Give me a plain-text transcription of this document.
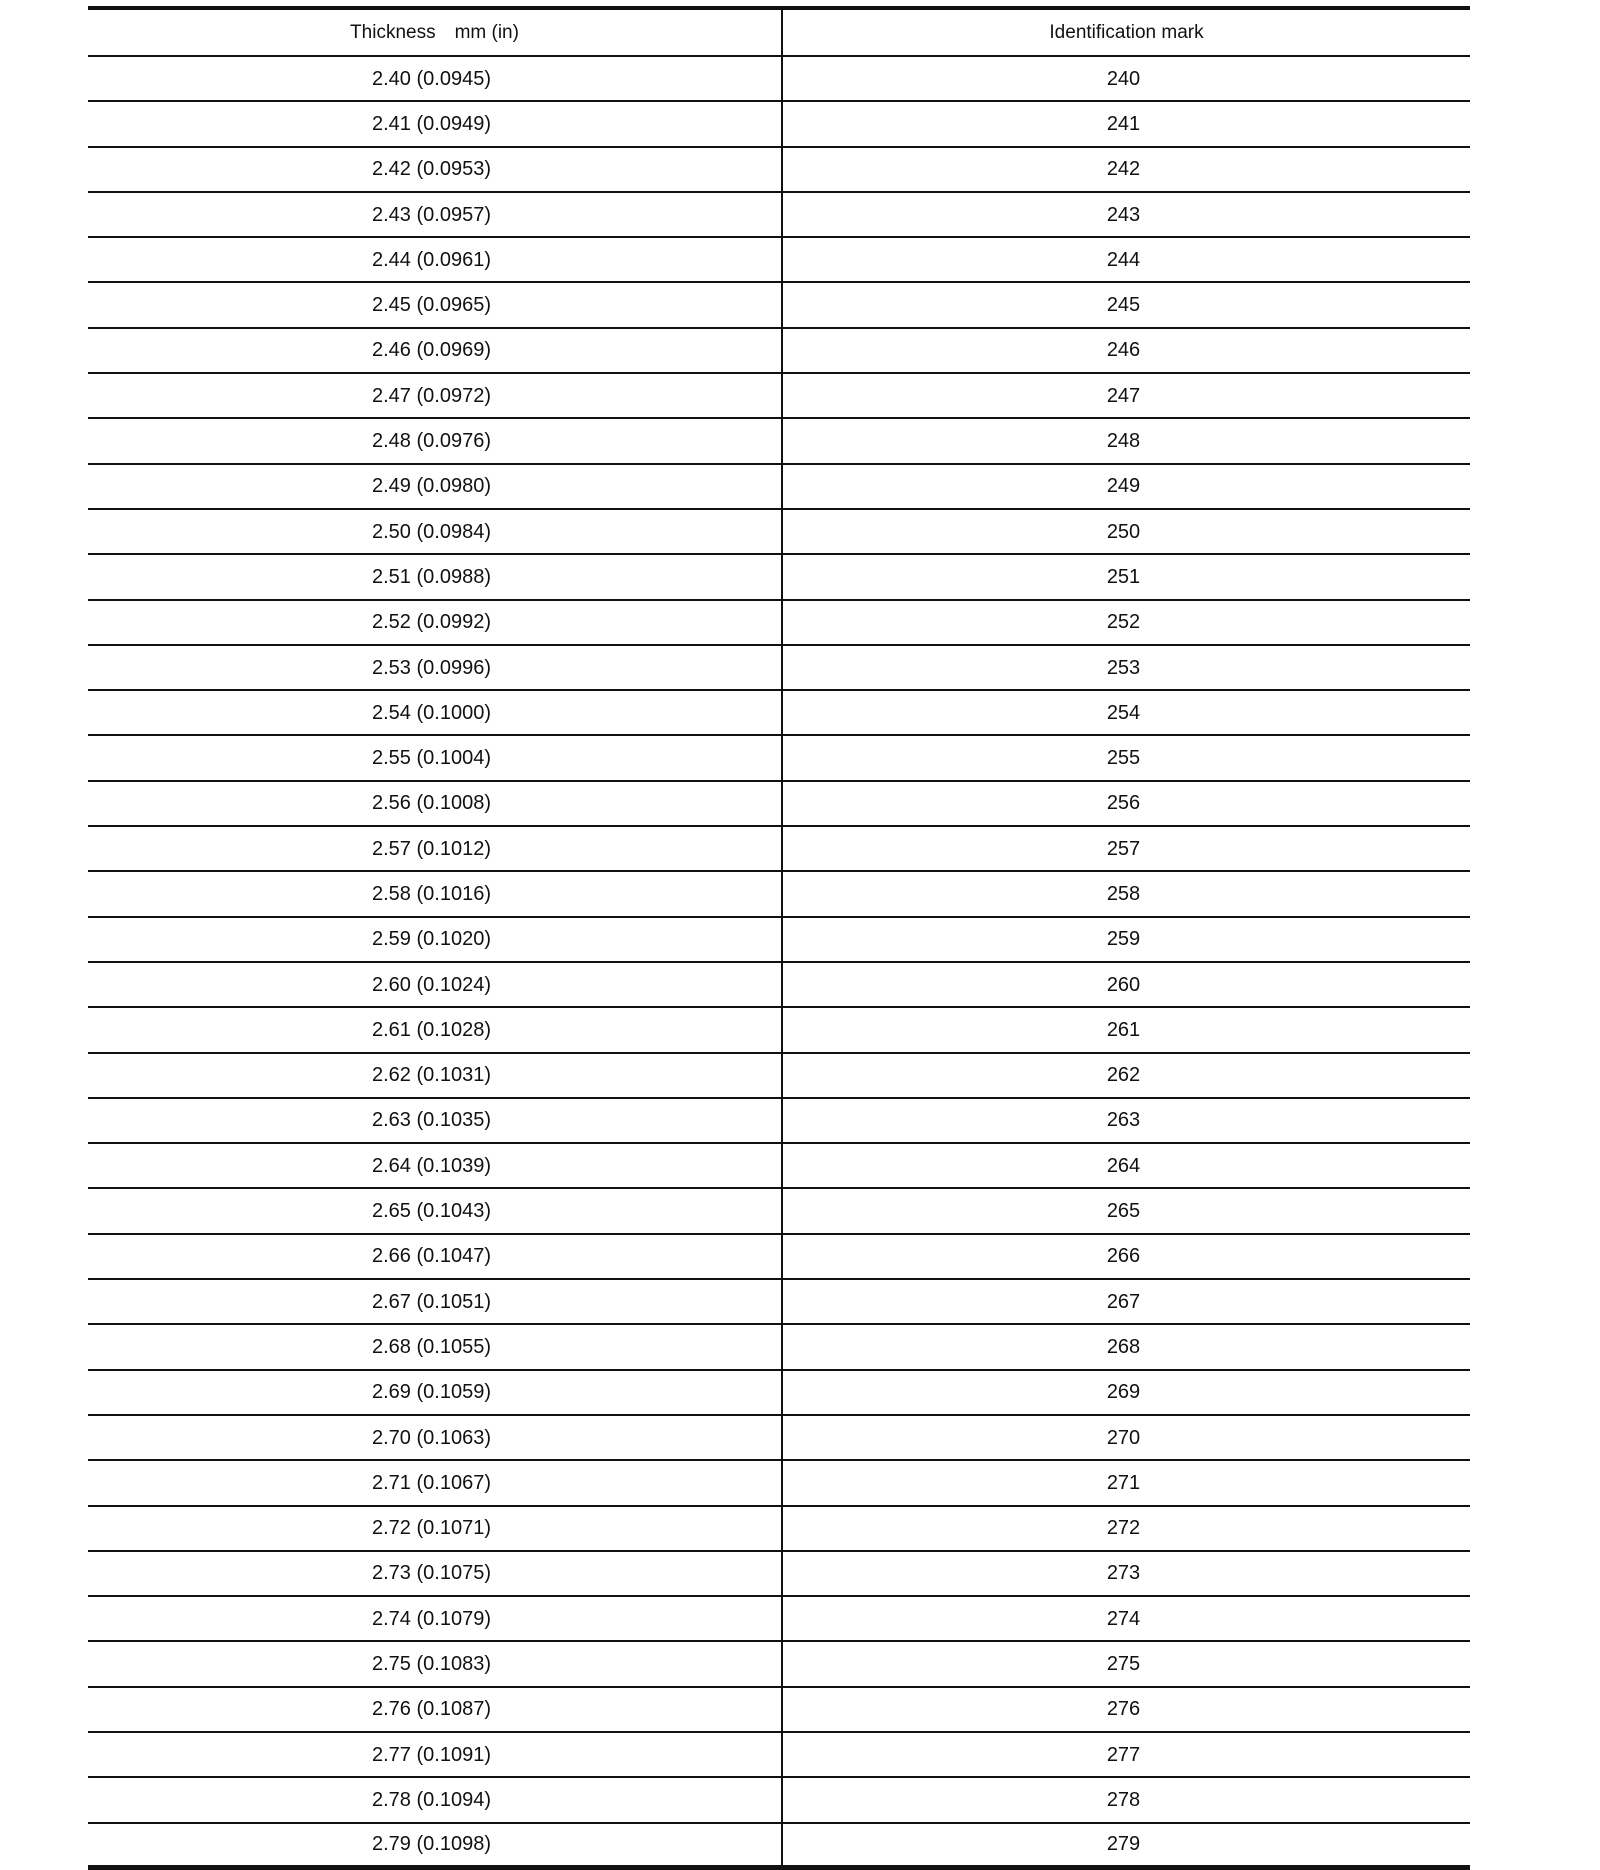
Thickness　mm (in)	Identification mark
2.40 (0.0945)	240
2.41 (0.0949)	241
2.42 (0.0953)	242
2.43 (0.0957)	243
2.44 (0.0961)	244
2.45 (0.0965)	245
2.46 (0.0969)	246
2.47 (0.0972)	247
2.48 (0.0976)	248
2.49 (0.0980)	249
2.50 (0.0984)	250
2.51 (0.0988)	251
2.52 (0.0992)	252
2.53 (0.0996)	253
2.54 (0.1000)	254
2.55 (0.1004)	255
2.56 (0.1008)	256
2.57 (0.1012)	257
2.58 (0.1016)	258
2.59 (0.1020)	259
2.60 (0.1024)	260
2.61 (0.1028)	261
2.62 (0.1031)	262
2.63 (0.1035)	263
2.64 (0.1039)	264
2.65 (0.1043)	265
2.66 (0.1047)	266
2.67 (0.1051)	267
2.68 (0.1055)	268
2.69 (0.1059)	269
2.70 (0.1063)	270
2.71 (0.1067)	271
2.72 (0.1071)	272
2.73 (0.1075)	273
2.74 (0.1079)	274
2.75 (0.1083)	275
2.76 (0.1087)	276
2.77 (0.1091)	277
2.78 (0.1094)	278
2.79 (0.1098)	279
